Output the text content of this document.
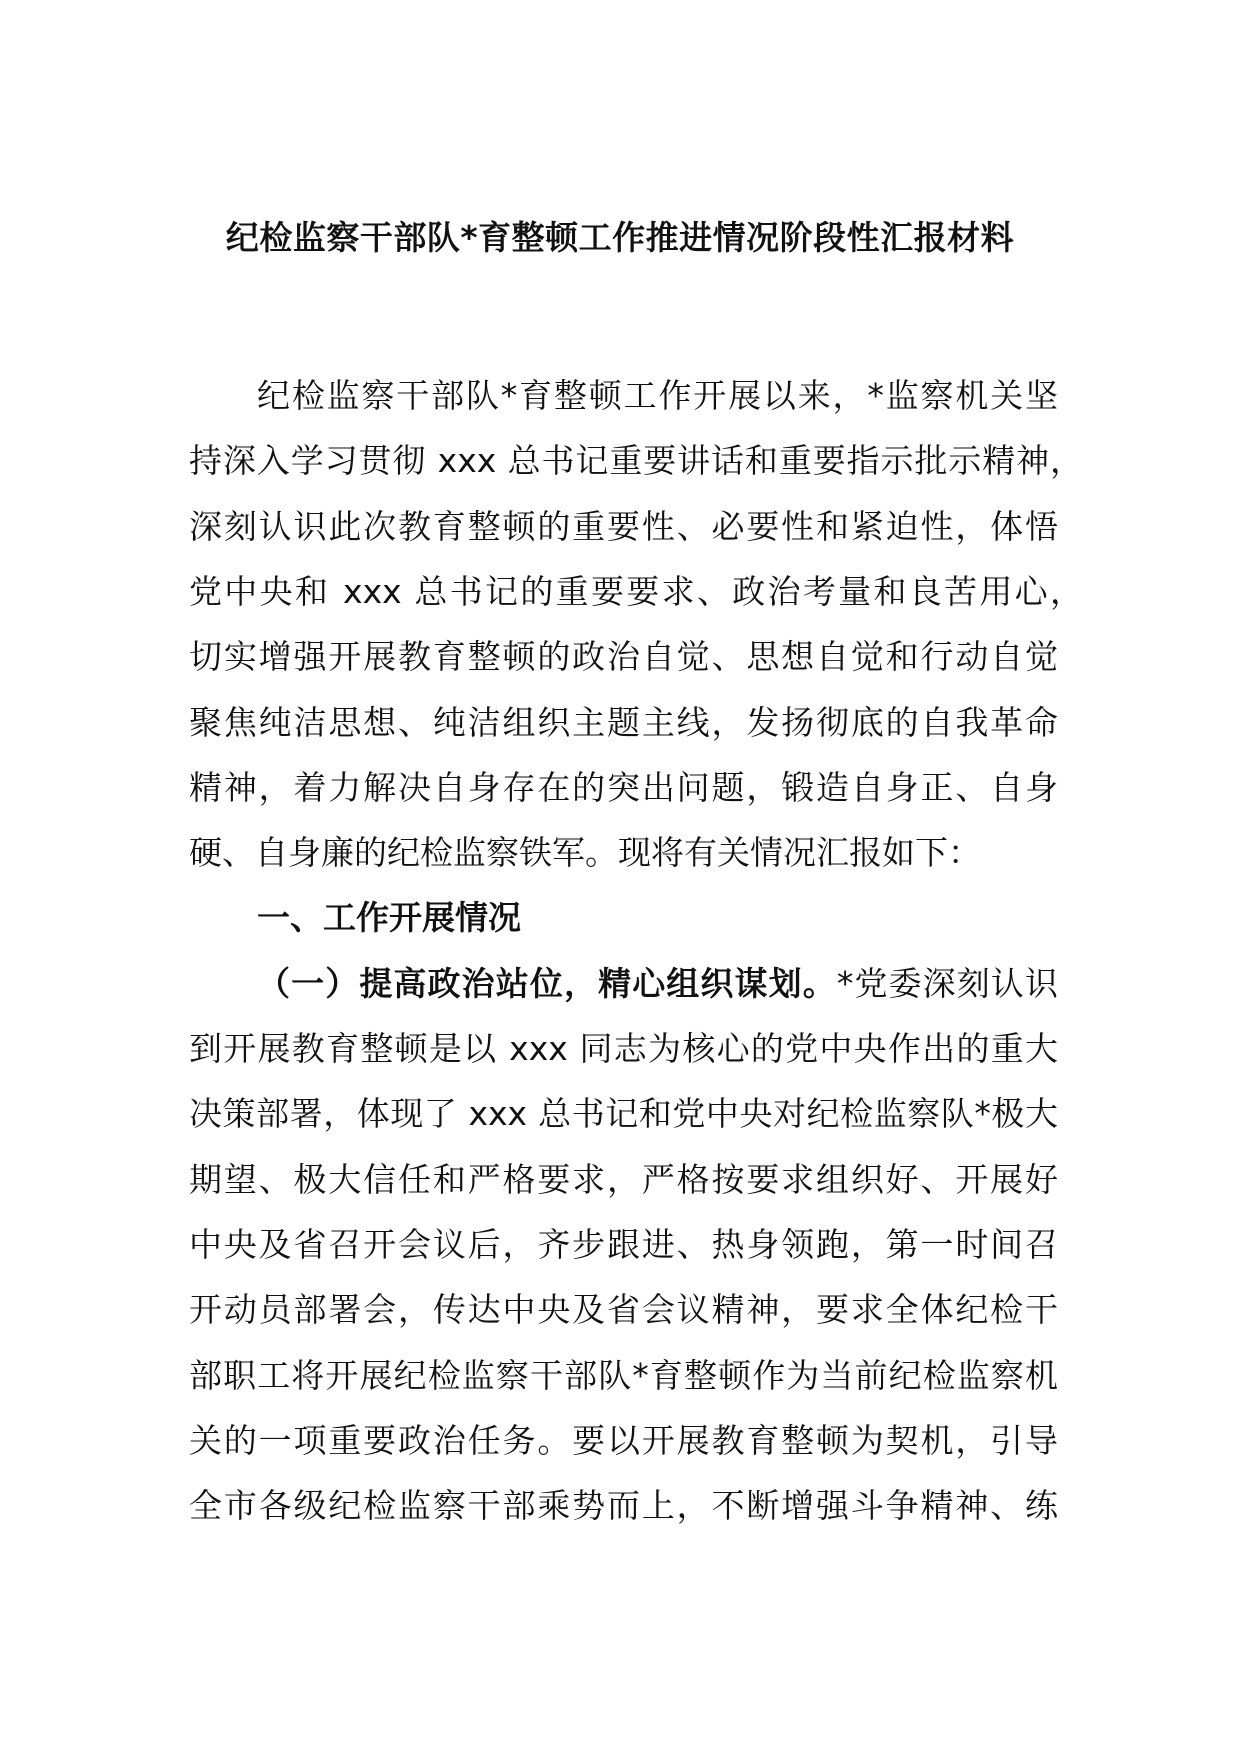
纪检监察干部队*育整顿工作推进情况阶段性汇报材料
纪检监察干部队*育整顿工作开展以来，*监察机关坚
持深入学习贯彻 xxx 总书记重要讲话和重要指示批示精神，
深刻认识此次教育整顿的重要性、必要性和紧迫性，体悟
党中央和 xxx 总书记的重要要求、政治考量和良苦用心，
切实增强开展教育整顿的政治自觉、思想自觉和行动自觉
聚焦纯洁思想、纯洁组织主题主线，发扬彻底的自我革命
精神，着力解决自身存在的突出问题，锻造自身正、自身
硬、自身廉的纪检监察铁军。现将有关情况汇报如下：
一、工作开展情况
（一）提高政治站位，精心组织谋划。*党委深刻认识
到开展教育整顿是以 xxx 同志为核心的党中央作出的重大
决策部署，体现了 xxx 总书记和党中央对纪检监察队*极大
期望、极大信任和严格要求，严格按要求组织好、开展好
中央及省召开会议后，齐步跟进、热身领跑，第一时间召
开动员部署会，传达中央及省会议精神，要求全体纪检干
部职工将开展纪检监察干部队*育整顿作为当前纪检监察机
关的一项重要政治任务。要以开展教育整顿为契机，引导
全市各级纪检监察干部乘势而上，不断增强斗争精神、练
